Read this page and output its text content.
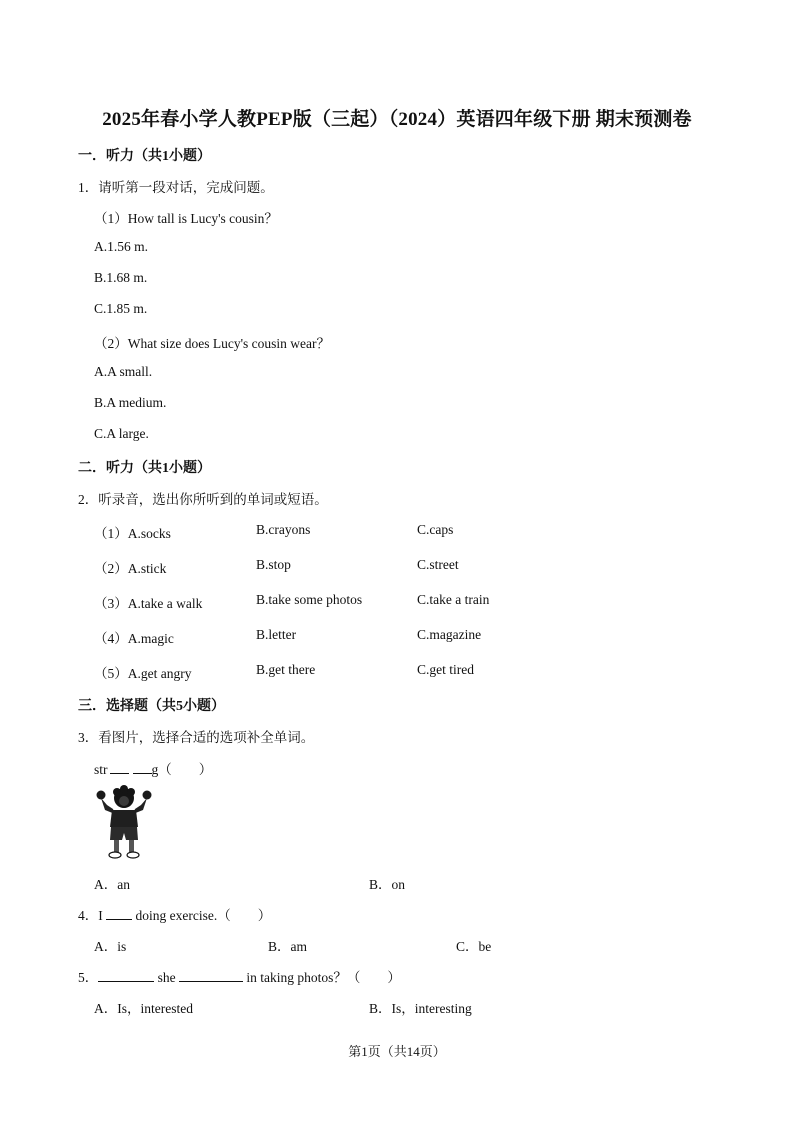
2025年春小学人教PEP版（三起）（2024）英语四年级下册 期末预测卷
一．听力（共1小题）
1．请听第一段对话，完成问题。
（1）How tall is Lucy's cousin？
A.1.56 m.
B.1.68 m.
C.1.85 m.
（2）What size does Lucy's cousin wear？
A.A small.
B.A medium.
C.A large.
二．听力（共1小题）
2．听录音，选出你所听到的单词或短语。
（1）A.socks	B.crayons	C.caps
（2）A.stick	B.stop	C.street
（3）A.take a walk	B.take some photos	C.take a train
（4）A.magic	B.letter	C.magazine
（5）A.get angry	B.get there	C.get tired
三．选择题（共5小题）
3．看图片，选择合适的选项补全单词。
str	g（　　）
A．an	B．on
4．I  doing exercise.（　　）
A．is	B．am	C．be
5．	she	in taking photos？（　　）
A．Is，interested	B．Is，interesting
第1页（共14页）
